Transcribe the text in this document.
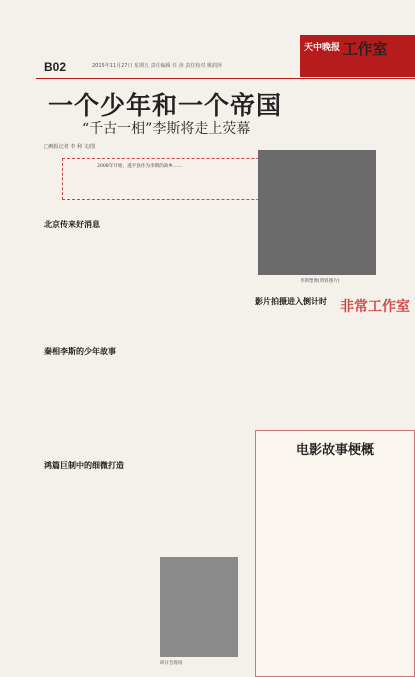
B02	2015年11月27日 星期五 责任编辑 任 涛 责任校对 姚润萍
天中晚报 工作室
一个少年和一个帝国
“千古一相”李斯将走上荧幕
□晚报记者 李 利 文/图
2008年开始，遂平县作为李斯的故乡……
北京传来好消息
秦相李斯的少年故事
鸿篇巨制中的细微打造
研讨会现场
李斯塑像(资料图片)
非常工作室
影片拍摄进入倒计时
电影故事梗概
